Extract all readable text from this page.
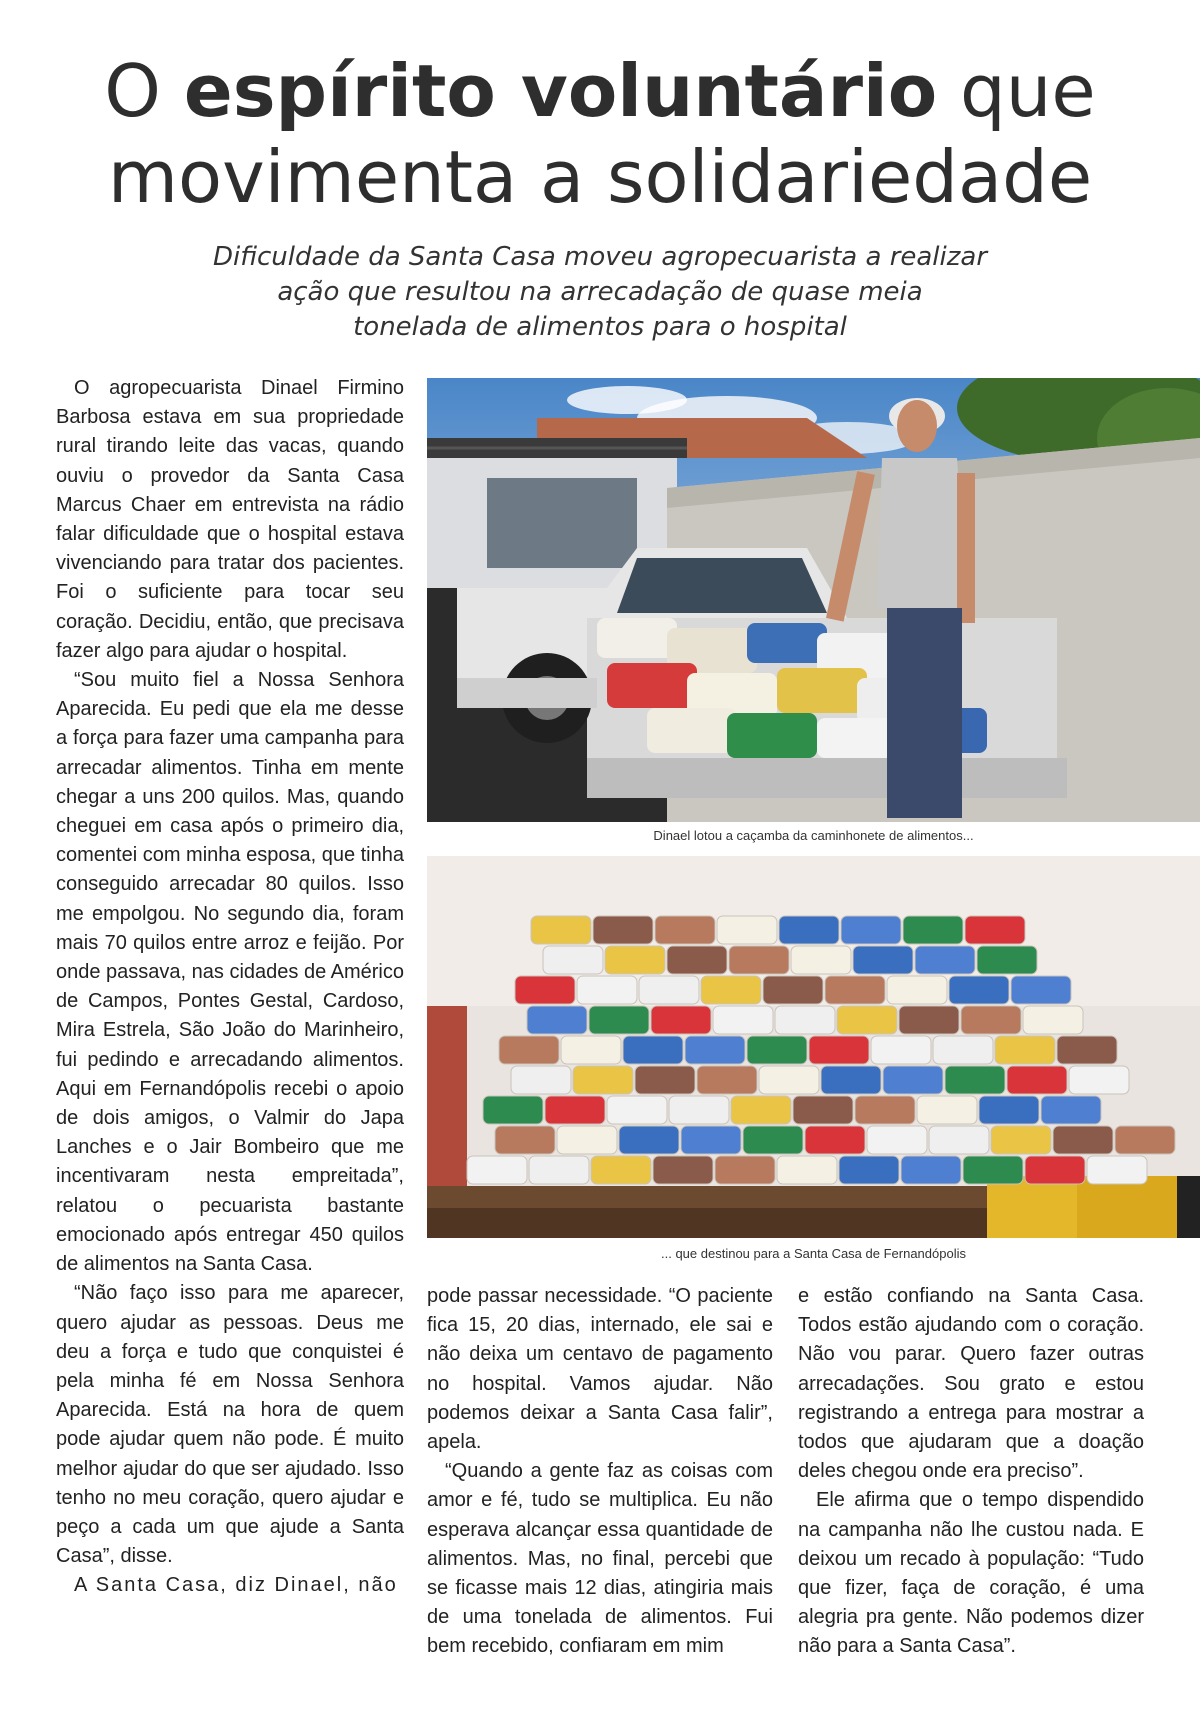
O espírito voluntário que
movimenta a solidariedade

Dificuldade da Santa Casa moveu agropecuarista a realizar
ação que resultou na arrecadação de quase meia
tonelada de alimentos para o hospital

O agropecuarista Dinael Firmino Barbosa estava em sua propriedade rural tirando leite das vacas, quando ouviu o provedor da Santa Casa Marcus Chaer em entrevista na rádio falar dificuldade que o hospital estava vivenciando para tratar dos pacientes. Foi o suficiente para tocar seu coração. Decidiu, então, que precisava fazer algo para ajudar o hospital.

“Sou muito fiel a Nossa Senhora Aparecida. Eu pedi que ela me desse a força para fazer uma campanha para arrecadar alimentos. Tinha em mente chegar a uns 200 quilos. Mas, quando cheguei em casa após o primeiro dia, comentei com minha esposa, que tinha conseguido arrecadar 80 quilos. Isso me empolgou. No segundo dia, foram mais 70 quilos entre arroz e feijão. Por onde passava, nas cidades de Américo de Campos, Pontes Gestal, Cardoso, Mira Estrela, São João do Marinheiro, fui pedindo e arrecadando alimentos. Aqui em Fernandópolis recebi o apoio de dois amigos, o Valmir do Japa Lanches e o Jair Bombeiro que me incentivaram nesta empreitada”, relatou o pecuarista bastante emocionado após entregar 450 quilos de alimentos na Santa Casa.

“Não faço isso para me aparecer, quero ajudar as pessoas. Deus me deu a força e tudo que conquistei é pela minha fé em Nossa Senhora Aparecida. Está na hora de quem pode ajudar quem não pode. É muito melhor ajudar do que ser ajudado. Isso tenho no meu coração, quero ajudar e peço a cada um que ajude a Santa Casa”, disse.

A Santa Casa, diz Dinael, não

pode passar necessidade. “O paciente fica 15, 20 dias, internado, ele sai e não deixa um centavo de pagamento no hospital. Vamos ajudar. Não podemos deixar a Santa Casa falir”, apela.

“Quando a gente faz as coisas com amor e fé, tudo se multiplica. Eu não esperava alcançar essa quantidade de alimentos. Mas, no final, percebi que se ficasse mais 12 dias, atingiria mais de uma tonelada de alimentos. Fui bem recebido, confiaram em mim

e estão confiando na Santa Casa. Todos estão ajudando com o coração. Não vou parar. Quero fazer outras arrecadações. Sou grato e estou registrando a entrega para mostrar a todos que ajudaram que a doação deles chegou onde era preciso”.

Ele afirma que o tempo dispendido na campanha não lhe custou nada. E deixou um recado à população: “Tudo que fizer, faça de coração, é uma alegria pra gente. Não podemos dizer não para a Santa Casa”.

Dinael lotou a caçamba da caminhonete de alimentos...

... que destinou para a Santa Casa de Fernandópolis
